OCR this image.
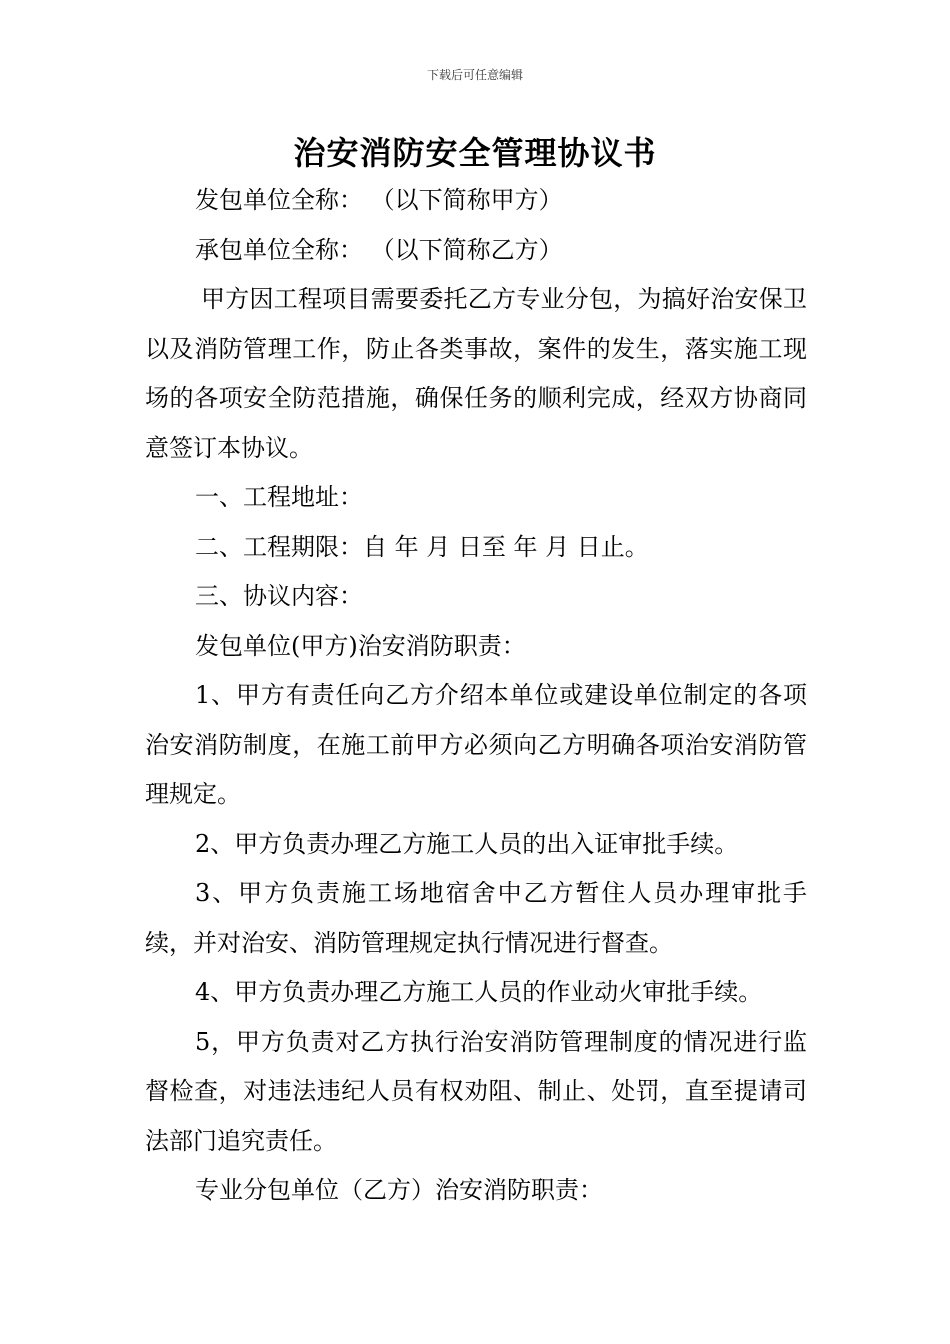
下载后可任意编辑
治安消防安全管理协议书

发包单位全称： （以下简称甲方）

承包单位全称： （以下简称乙方）

甲方因工程项目需要委托乙方专业分包，为搞好治安保卫以及消防管理工作，防止各类事故，案件的发生，落实施工现场的各项安全防范措施，确保任务的顺利完成，经双方协商同意签订本协议。

一、工程地址：

二、工程期限：自 年 月 日至 年 月 日止。

三、协议内容：

发包单位(甲方)治安消防职责：

1、甲方有责任向乙方介绍本单位或建设单位制定的各项治安消防制度，在施工前甲方必须向乙方明确各项治安消防管理规定。

2、甲方负责办理乙方施工人员的出入证审批手续。

3、甲方负责施工场地宿舍中乙方暂住人员办理审批手续，并对治安、消防管理规定执行情况进行督查。

4、甲方负责办理乙方施工人员的作业动火审批手续。

5，甲方负责对乙方执行治安消防管理制度的情况进行监督检查，对违法违纪人员有权劝阻、制止、处罚，直至提请司法部门追究责任。

专业分包单位（乙方）治安消防职责：
